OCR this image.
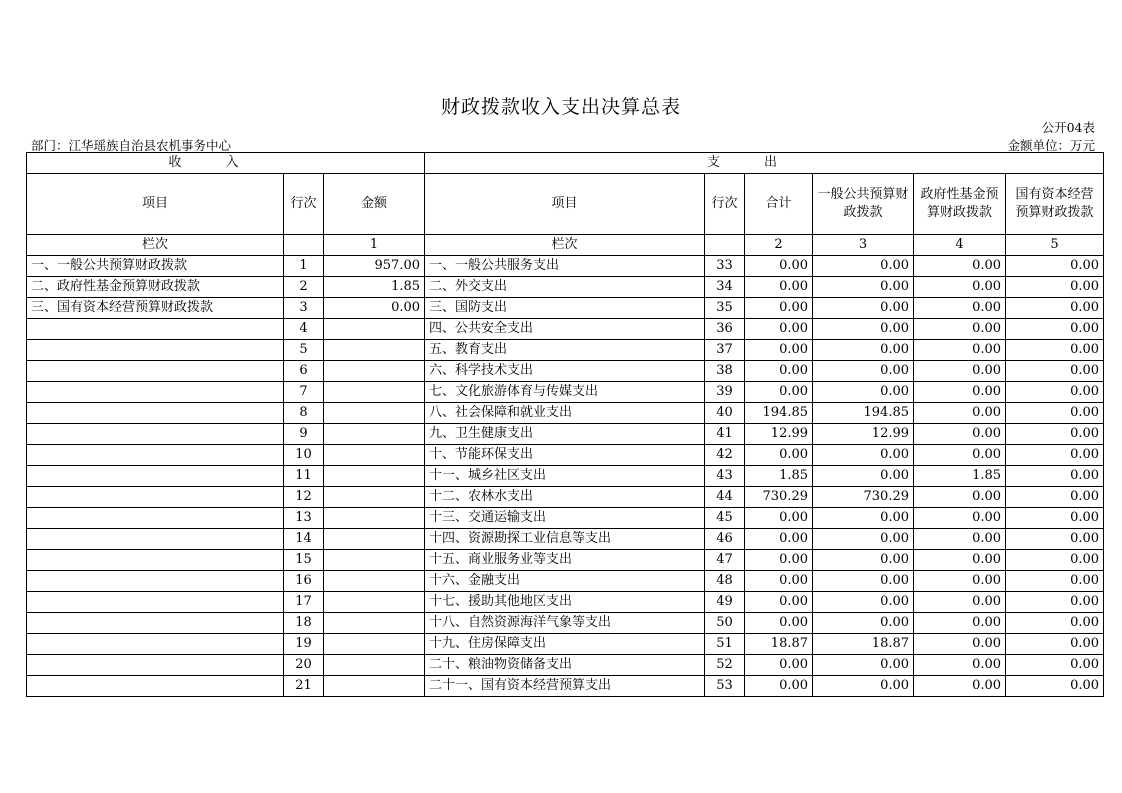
财政拨款收入支出决算总表
公开04表
部门：江华瑶族自治县农机事务中心	金额单位：万元
收入			支出					
项目	行次	金额	项目	行次	合计	一般公共预算财政拨款	政府性基金预算财政拨款	国有资本经营预算财政拨款
栏次		1	栏次		2	3	4	5
一、一般公共预算财政拨款	1	957.00	一、一般公共服务支出	33	0.00	0.00	0.00	0.00
二、政府性基金预算财政拨款	2	1.85	二、外交支出	34	0.00	0.00	0.00	0.00
三、国有资本经营预算财政拨款	3	0.00	三、国防支出	35	0.00	0.00	0.00	0.00
	4		四、公共安全支出	36	0.00	0.00	0.00	0.00
	5		五、教育支出	37	0.00	0.00	0.00	0.00
	6		六、科学技术支出	38	0.00	0.00	0.00	0.00
	7		七、文化旅游体育与传媒支出	39	0.00	0.00	0.00	0.00
	8		八、社会保障和就业支出	40	194.85	194.85	0.00	0.00
	9		九、卫生健康支出	41	12.99	12.99	0.00	0.00
	10		十、节能环保支出	42	0.00	0.00	0.00	0.00
	11		十一、城乡社区支出	43	1.85	0.00	1.85	0.00
	12		十二、农林水支出	44	730.29	730.29	0.00	0.00
	13		十三、交通运输支出	45	0.00	0.00	0.00	0.00
	14		十四、资源勘探工业信息等支出	46	0.00	0.00	0.00	0.00
	15		十五、商业服务业等支出	47	0.00	0.00	0.00	0.00
	16		十六、金融支出	48	0.00	0.00	0.00	0.00
	17		十七、援助其他地区支出	49	0.00	0.00	0.00	0.00
	18		十八、自然资源海洋气象等支出	50	0.00	0.00	0.00	0.00
	19		十九、住房保障支出	51	18.87	18.87	0.00	0.00
	20		二十、粮油物资储备支出	52	0.00	0.00	0.00	0.00
	21		二十一、国有资本经营预算支出	53	0.00	0.00	0.00	0.00
